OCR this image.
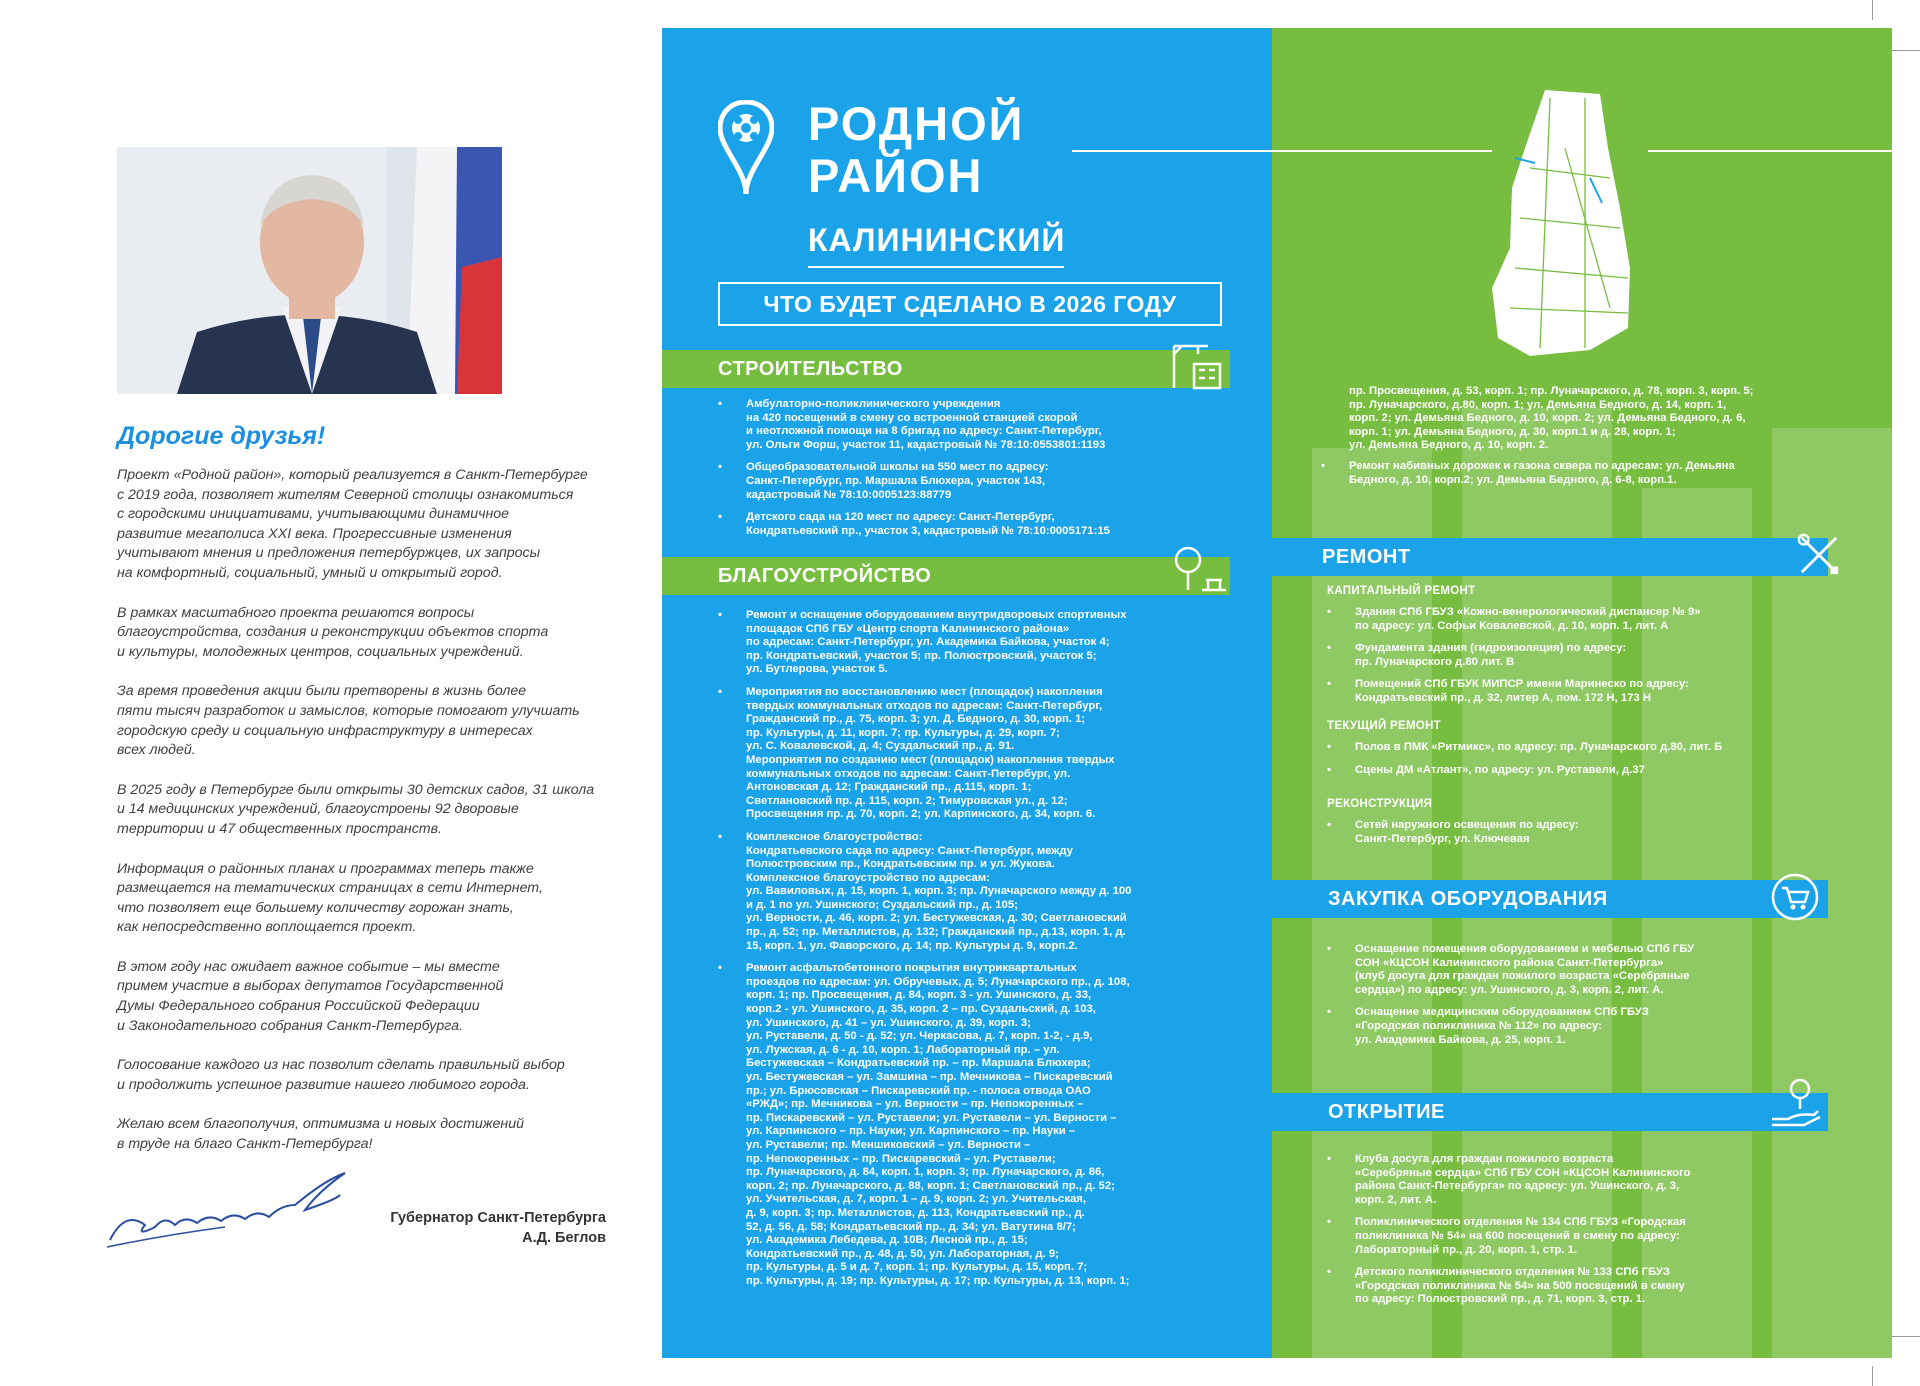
Дорогие друзья!

Проект «Родной район», который реализуется в Санкт-Петербурге
с 2019 года, позволяет жителям Северной столицы ознакомиться
с городскими инициативами, учитывающими динамичное
развитие мегаполиса XXI века. Прогрессивные изменения
учитывают мнения и предложения петербуржцев, их запросы
на комфортный, социальный, умный и открытый город.

В рамках масштабного проекта решаются вопросы
благоустройства, создания и реконструкции объектов спорта
и культуры, молодежных центров, социальных учреждений.

За время проведения акции были претворены в жизнь более
пяти тысяч разработок и замыслов, которые помогают улучшать
городскую среду и социальную инфраструктуру в интересах
всех людей.

В 2025 году в Петербурге были открыты 30 детских садов, 31 школа
и 14 медицинских учреждений, благоустроены 92 дворовые
территории и 47 общественных пространств.

Информация о районных планах и программах теперь также
размещается на тематических страницах в сети Интернет,
что позволяет еще большему количеству горожан знать,
как непосредственно воплощается проект.

В этом году нас ожидает важное событие – мы вместе
примем участие в выборах депутатов Государственной
Думы Федерального собрания Российской Федерации
и Законодательного собрания Санкт-Петербурга.

Голосование каждого из нас позволит сделать правильный выбор
и продолжить успешное развитие нашего любимого города.

Желаю всем благополучия, оптимизма и новых достижений
в труде на благо Санкт-Петербурга!

Губернатор Санкт-Петербурга
А.Д. Беглов
РОДНОЙ
РАЙОН
КАЛИНИНСКИЙ
ЧТО БУДЕТ СДЕЛАНО В 2026 ГОДУ
СТРОИТЕЛЬСТВО
• Амбулаторно-поликлинического учреждения
на 420 посещений в смену со встроенной станцией скорой
и неотложной помощи на 8 бригад по адресу: Санкт-Петербург,
ул. Ольги Форш, участок 11, кадастровый № 78:10:0553801:1193
• Общеобразовательной школы на 550 мест по адресу:
Санкт-Петербург, пр. Маршала Блюхера, участок 143,
кадастровый № 78:10:0005123:88779
• Детского сада на 120 мест по адресу: Санкт-Петербург,
Кондратьевский пр., участок 3, кадастровый № 78:10:0005171:15
БЛАГОУСТРОЙСТВО
• Ремонт и оснащение оборудованием внутридворовых спортивных
площадок СПб ГБУ «Центр спорта Калининского района»
по адресам: Санкт-Петербург, ул. Академика Байкова, участок 4;
пр. Кондратьевский, участок 5; пр. Полюстровский, участок 5;
ул. Бутлерова, участок 5.
• Мероприятия по восстановлению мест (площадок) накопления
твердых коммунальных отходов по адресам: Санкт-Петербург,
Гражданский пр., д. 75, корп. 3; ул. Д. Бедного, д. 30, корп. 1;
пр. Культуры, д. 11, корп. 7; пр. Культуры, д. 29, корп. 7;
ул. С. Ковалевской, д. 4; Суздальский пр., д. 91.
Мероприятия по созданию мест (площадок) накопления твердых
коммунальных отходов по адресам: Санкт-Петербург, ул.
Антоновская д. 12; Гражданский пр., д.115, корп. 1;
Светлановский пр. д. 115, корп. 2; Тимуровская ул., д. 12;
Просвещения пр. д. 70, корп. 2; ул. Карпинского, д. 34, корп. 6.
• Комплексное благоустройство:
Кондратьевского сада по адресу: Санкт-Петербург, между
Полюстровским пр., Кондратьевским пр. и ул. Жукова.
Комплексное благоустройство по адресам:
ул. Вавиловых, д. 15, корп. 1, корп. 3; пр. Луначарского между д. 100
и д. 1 по ул. Ушинского; Суздальский пр., д. 105;
ул. Верности, д. 46, корп. 2; ул. Бестужевская, д. 30; Светлановский
пр., д. 52; пр. Металлистов, д. 132; Гражданский пр., д.13, корп. 1, д.
15, корп. 1, ул. Фаворского, д. 14; пр. Культуры д. 9, корп.2.
• Ремонт асфальтобетонного покрытия внутриквартальных
проездов по адресам: ул. Обручевых, д. 5; Луначарского пр., д. 108,
корп. 1; пр. Просвещения, д. 84, корп. 3 - ул. Ушинского, д. 33,
корп.2 - ул. Ушинского, д. 35, корп. 2 – пр. Суздальский, д. 103,
ул. Ушинского, д. 41 – ул. Ушинского, д. 39, корп. 3;
ул. Руставели, д. 50 - д. 52; ул. Черкасова, д. 7, корп. 1-2, - д.9,
ул. Лужская, д. 6 - д. 10, корп. 1; Лабораторный пр. – ул.
Бестужевская – Кондратьевский пр. – пр. Маршала Блюхера;
ул. Бестужевская – ул. Замшина – пр. Мечникова – Пискаревский
пр.; ул. Брюсовская – Пискаревский пр. - полоса отвода ОАО
«РЖД»; пр. Мечникова – ул. Верности – пр. Непокоренных –
пр. Пискаревский – ул. Руставели; ул. Руставели – ул. Верности –
ул. Карпинского – пр. Науки; ул. Карпинского – пр. Науки –
ул. Руставели; пр. Меншиковский – ул. Верности –
пр. Непокоренных – пр. Пискаревский – ул. Руставели;
пр. Луначарского, д. 84, корп. 1, корп. 3; пр. Луначарского, д. 86,
корп. 2; пр. Луначарского, д. 88, корп. 1; Светлановский пр., д. 52;
ул. Учительская, д. 7, корп. 1 – д. 9, корп. 2; ул. Учительская,
д. 9, корп. 3; пр. Металлистов, д. 113, Кондратьевский пр., д.
52, д. 56, д. 58; Кондратьевский пр., д. 34; ул. Ватутина 8/7;
ул. Академика Лебедева, д. 10В; Лесной пр., д. 15;
Кондратьевский пр., д. 48, д. 50, ул. Лабораторная, д. 9;
пр. Культуры, д. 5 и д. 7, корп. 1; пр. Культуры, д. 15, корп. 7;
пр. Культуры, д. 19; пр. Культуры, д. 17; пр. Культуры, д. 13, корп. 1;
пр. Просвещения, д. 53, корп. 1; пр. Луначарского, д. 78, корп. 3, корп. 5;
пр. Луначарского, д.80, корп. 1; ул. Демьяна Бедного, д. 14, корп. 1,
корп. 2; ул. Демьяна Бедного, д. 10, корп. 2; ул. Демьяна Бедного, д. 6,
корп. 1; ул. Демьяна Бедного, д. 30, корп.1 и д. 28, корп. 1;
ул. Демьяна Бедного, д. 10, корп. 2.
• Ремонт набивных дорожек и газона сквера по адресам: ул. Демьяна
Бедного, д. 10, корп.2; ул. Демьяна Бедного, д. 6-8, корп.1.
РЕМОНТ
КАПИТАЛЬНЫЙ РЕМОНТ
• Здания СПб ГБУЗ «Кожно-венерологический диспансер № 9»
по адресу: ул. Софьи Ковалевской, д. 10, корп. 1, лит. А
• Фундамента здания (гидроизоляция) по адресу:
пр. Луначарского д.80 лит. В
• Помещений СПб ГБУК МИПСР имени Маринеско по адресу:
Кондратьевский пр., д. 32, литер А, пом. 172 Н, 173 Н
ТЕКУЩИЙ РЕМОНТ
• Полов в ПМК «Ритмикс», по адресу: пр. Луначарского д.80, лит. Б
• Сцены ДМ «Атлант», по адресу: ул. Руставели, д.37
РЕКОНСТРУКЦИЯ
• Сетей наружного освещения по адресу:
Санкт-Петербург, ул. Ключевая
ЗАКУПКА ОБОРУДОВАНИЯ
• Оснащение помещения оборудованием и мебелью СПб ГБУ
СОН «КЦСОН Калининского района Санкт-Петербурга»
(клуб досуга для граждан пожилого возраста «Серебряные
сердца») по адресу: ул. Ушинского, д. 3, корп. 2, лит. А.
• Оснащение медицинским оборудованием СПб ГБУЗ
«Городская поликлиника № 112» по адресу:
ул. Академика Байкова, д. 25, корп. 1.
ОТКРЫТИЕ
• Клуба досуга для граждан пожилого возраста
«Серебряные сердца» СПб ГБУ СОН «КЦСОН Калининского
района Санкт-Петербурга» по адресу: ул. Ушинского, д. 3,
корп. 2, лит. А.
• Поликлинического отделения № 134 СПб ГБУЗ «Городская
поликлиника № 54» на 600 посещений в смену по адресу:
Лабораторный пр., д. 20, корп. 1, стр. 1.
• Детского поликлинического отделения № 133 СПб ГБУЗ
«Городская поликлиника № 54» на 500 посещений в смену
по адресу: Полюстровский пр., д. 71, корп. 3, стр. 1.
